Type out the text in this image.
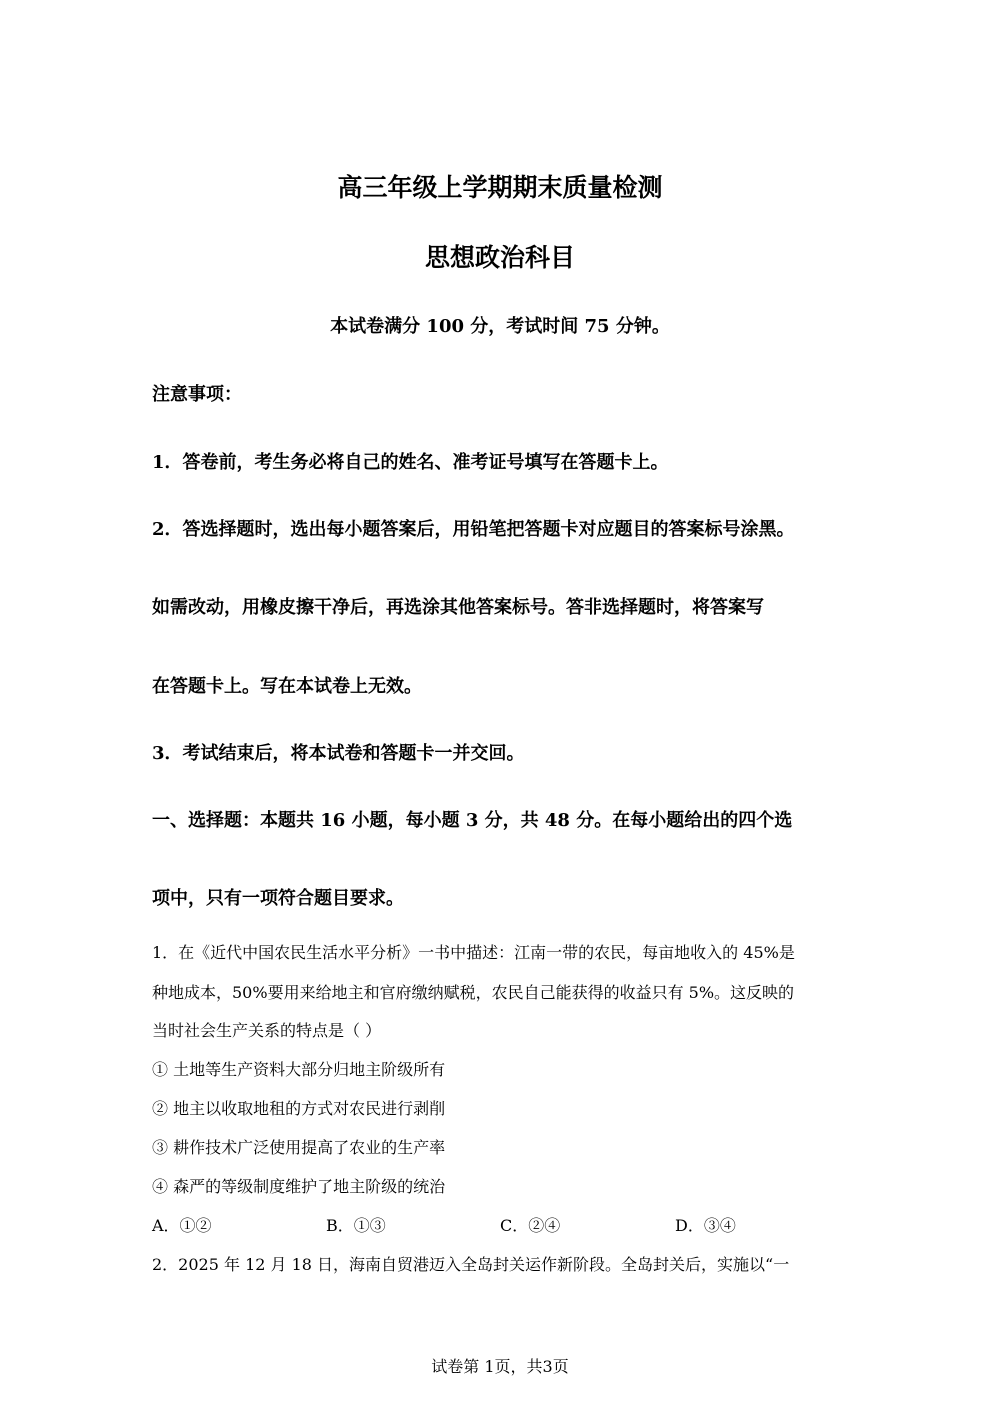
高三年级上学期期末质量检测
思想政治科目
本试卷满分 100 分，考试时间 75 分钟。
注意事项：
1．答卷前，考生务必将自己的姓名、准考证号填写在答题卡上。
2．答选择题时，选出每小题答案后，用铅笔把答题卡对应题目的答案标号涂黑。
如需改动，用橡皮擦干净后，再选涂其他答案标号。答非选择题时，将答案写
在答题卡上。写在本试卷上无效。
3．考试结束后，将本试卷和答题卡一并交回。
一、选择题：本题共 16 小题，每小题 3 分，共 48 分。在每小题给出的四个选
项中，只有一项符合题目要求。
1．在《近代中国农民生活水平分析》一书中描述：江南一带的农民，每亩地收入的 45%是
种地成本，50%要用来给地主和官府缴纳赋税，农民自己能获得的收益只有 5%。这反映的
当时社会生产关系的特点是（ ）
① 土地等生产资料大部分归地主阶级所有
② 地主以收取地租的方式对农民进行剥削
③ 耕作技术广泛使用提高了农业的生产率
④ 森严的等级制度维护了地主阶级的统治
A．①②	B．①③	C．②④	D．③④
2．2025 年 12 月 18 日，海南自贸港迈入全岛封关运作新阶段。全岛封关后，实施以“一
试卷第 1页，共3页
